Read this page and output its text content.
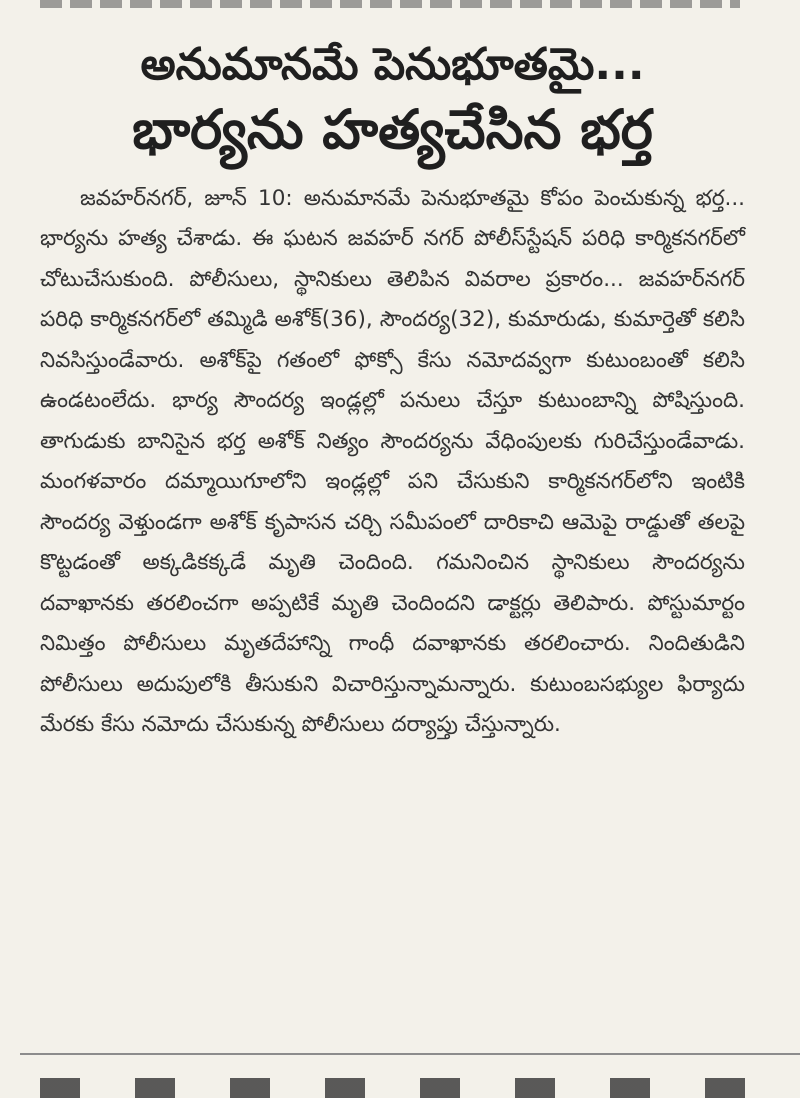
అనుమానమే పెనుభూతమై...
భార్యను హత్యచేసిన భర్త

జవహర్‌నగర్, జూన్ 10: అనుమానమే పెనుభూతమై కోపం పెంచుకున్న భర్త... భార్యను హత్య చేశాడు. ఈ ఘటన జవహర్ నగర్ పోలీస్‌స్టేషన్ పరిధి కార్మికనగర్‌లో చోటుచేసుకుంది. పోలీసులు, స్థానికులు తెలిపిన వివరాల ప్రకారం... జవహర్‌నగర్ పరిధి కార్మికనగర్‌లో తమ్మిడి అశోక్(36), సౌందర్య(32), కుమారుడు, కుమార్తెతో కలిసి నివసిస్తుండేవారు. అశోక్‌పై గతంలో ఫోక్సో కేసు నమోదవ్వగా కుటుంబంతో కలిసి ఉండటంలేదు. భార్య సౌందర్య ఇండ్లల్లో పనులు చేస్తూ కుటుంబాన్ని పోషిస్తుంది. తాగుడుకు బానిసైన భర్త అశోక్ నిత్యం సౌందర్యను వేధింపులకు గురిచేస్తుండేవాడు. మంగళవారం దమ్మాయిగూలోని ఇండ్లల్లో పని చేసుకుని కార్మికనగర్‌లోని ఇంటికి సౌందర్య వెళ్తుండగా అశోక్ కృపాసన చర్చి సమీపంలో దారికాచి ఆమెపై రాడ్డుతో తలపై కొట్టడంతో అక్కడికక్కడే మృతి చెందింది. గమనించిన స్థానికులు సౌందర్యను దవాఖానకు తరలించగా అప్పటికే మృతి చెందిందని డాక్టర్లు తెలిపారు. పోస్టుమార్టం నిమిత్తం పోలీసులు మృతదేహాన్ని గాంధీ దవాఖానకు తరలించారు. నిందితుడిని పోలీసులు అదుపులోకి తీసుకుని విచారిస్తున్నామన్నారు. కుటుంబసభ్యుల ఫిర్యాదు మేరకు కేసు నమోదు చేసుకున్న పోలీసులు దర్యాప్తు చేస్తున్నారు.
